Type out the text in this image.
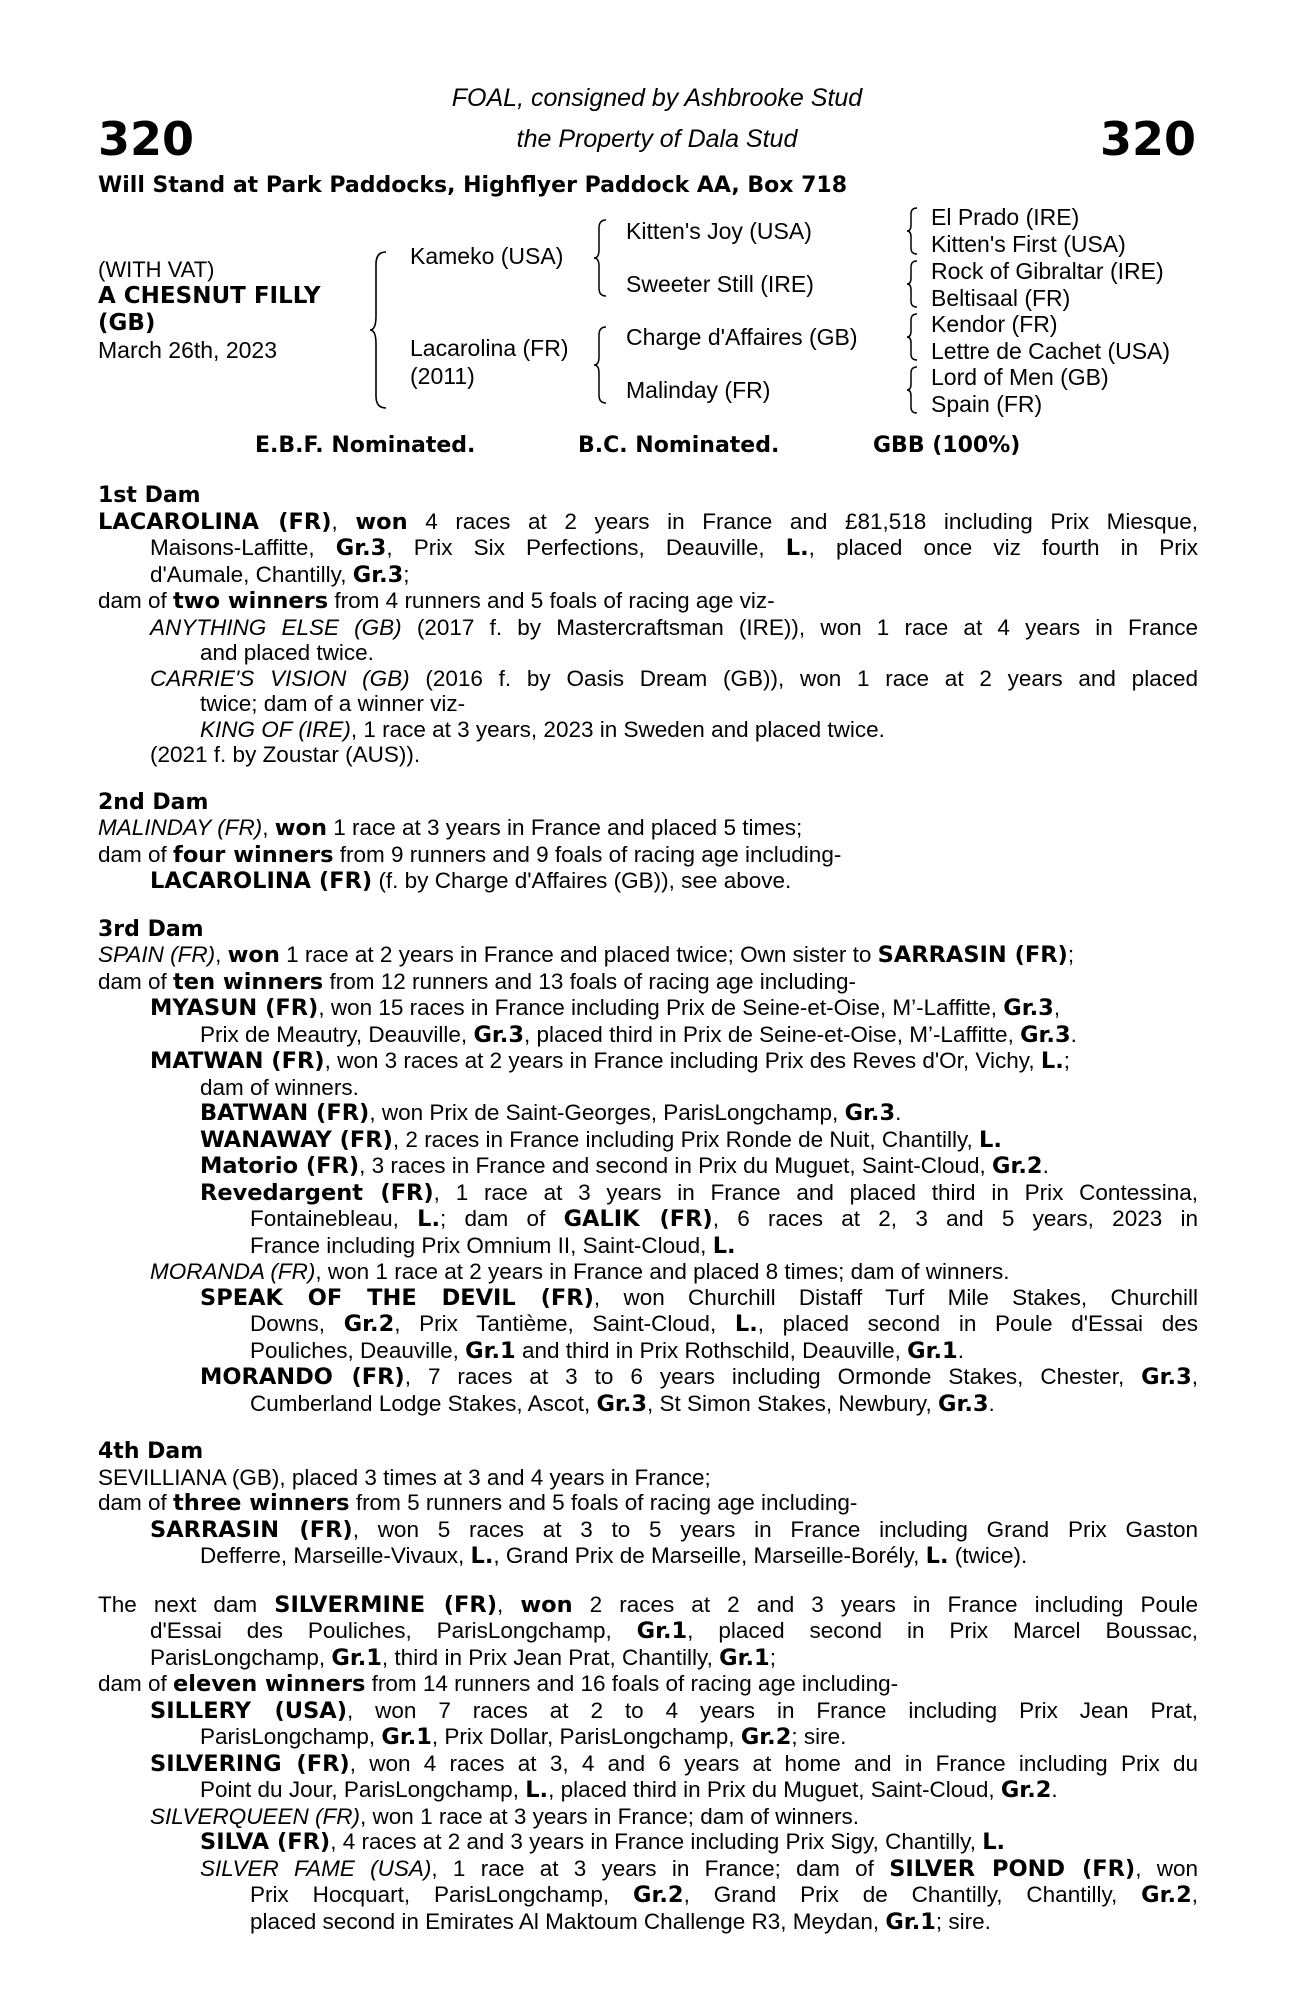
320	320
FOAL, consigned by Ashbrooke Stud
the Property of Dala Stud
Will Stand at Park Paddocks, Highflyer Paddock AA, Box 718
(WITH VAT)
A CHESNUT FILLY
(GB)
March 26th, 2023
Kameko (USA)
Lacarolina (FR)
(2011)
Kitten's Joy (USA)
Sweeter Still (IRE)
Charge d'Affaires (GB)
Malinday (FR)
El Prado (IRE)
Kitten's First (USA)
Rock of Gibraltar (IRE)
Beltisaal (FR)
Kendor (FR)
Lettre de Cachet (USA)
Lord of Men (GB)
Spain (FR)
E.B.F. Nominated.	B.C. Nominated.	GBB (100%)
1st Dam
LACAROLINA (FR), won 4 races at 2 years in France and £81,518 including Prix Miesque,
Maisons-Laffitte, Gr.3, Prix Six Perfections, Deauville, L., placed once viz fourth in Prix
d'Aumale, Chantilly, Gr.3;
dam of two winners from 4 runners and 5 foals of racing age viz-
ANYTHING ELSE (GB) (2017 f. by Mastercraftsman (IRE)), won 1 race at 4 years in France
and placed twice.
CARRIE'S VISION (GB) (2016 f. by Oasis Dream (GB)), won 1 race at 2 years and placed
twice; dam of a winner viz-
KING OF (IRE), 1 race at 3 years, 2023 in Sweden and placed twice.
(2021 f. by Zoustar (AUS)).
2nd Dam
MALINDAY (FR), won 1 race at 3 years in France and placed 5 times;
dam of four winners from 9 runners and 9 foals of racing age including-
LACAROLINA (FR) (f. by Charge d'Affaires (GB)), see above.
3rd Dam
SPAIN (FR), won 1 race at 2 years in France and placed twice; Own sister to SARRASIN (FR);
dam of ten winners from 12 runners and 13 foals of racing age including-
MYASUN (FR), won 15 races in France including Prix de Seine-et-Oise, M’-Laffitte, Gr.3,
Prix de Meautry, Deauville, Gr.3, placed third in Prix de Seine-et-Oise, M’-Laffitte, Gr.3.
MATWAN (FR), won 3 races at 2 years in France including Prix des Reves d'Or, Vichy, L.;
dam of winners.
BATWAN (FR), won Prix de Saint-Georges, ParisLongchamp, Gr.3.
WANAWAY (FR), 2 races in France including Prix Ronde de Nuit, Chantilly, L.
Matorio (FR), 3 races in France and second in Prix du Muguet, Saint-Cloud, Gr.2.
Revedargent (FR), 1 race at 3 years in France and placed third in Prix Contessina,
Fontainebleau, L.; dam of GALIK (FR), 6 races at 2, 3 and 5 years, 2023 in
France including Prix Omnium II, Saint-Cloud, L.
MORANDA (FR), won 1 race at 2 years in France and placed 8 times; dam of winners.
SPEAK OF THE DEVIL (FR), won Churchill Distaff Turf Mile Stakes, Churchill
Downs, Gr.2, Prix Tantième, Saint-Cloud, L., placed second in Poule d'Essai des
Pouliches, Deauville, Gr.1 and third in Prix Rothschild, Deauville, Gr.1.
MORANDO (FR), 7 races at 3 to 6 years including Ormonde Stakes, Chester, Gr.3,
Cumberland Lodge Stakes, Ascot, Gr.3, St Simon Stakes, Newbury, Gr.3.
4th Dam
SEVILLIANA (GB), placed 3 times at 3 and 4 years in France;
dam of three winners from 5 runners and 5 foals of racing age including-
SARRASIN (FR), won 5 races at 3 to 5 years in France including Grand Prix Gaston
Defferre, Marseille-Vivaux, L., Grand Prix de Marseille, Marseille-Borély, L. (twice).
The next dam SILVERMINE (FR), won 2 races at 2 and 3 years in France including Poule
d'Essai des Pouliches, ParisLongchamp, Gr.1, placed second in Prix Marcel Boussac,
ParisLongchamp, Gr.1, third in Prix Jean Prat, Chantilly, Gr.1;
dam of eleven winners from 14 runners and 16 foals of racing age including-
SILLERY (USA), won 7 races at 2 to 4 years in France including Prix Jean Prat,
ParisLongchamp, Gr.1, Prix Dollar, ParisLongchamp, Gr.2; sire.
SILVERING (FR), won 4 races at 3, 4 and 6 years at home and in France including Prix du
Point du Jour, ParisLongchamp, L., placed third in Prix du Muguet, Saint-Cloud, Gr.2.
SILVERQUEEN (FR), won 1 race at 3 years in France; dam of winners.
SILVA (FR), 4 races at 2 and 3 years in France including Prix Sigy, Chantilly, L.
SILVER FAME (USA), 1 race at 3 years in France; dam of SILVER POND (FR), won
Prix Hocquart, ParisLongchamp, Gr.2, Grand Prix de Chantilly, Chantilly, Gr.2,
placed second in Emirates Al Maktoum Challenge R3, Meydan, Gr.1; sire.
